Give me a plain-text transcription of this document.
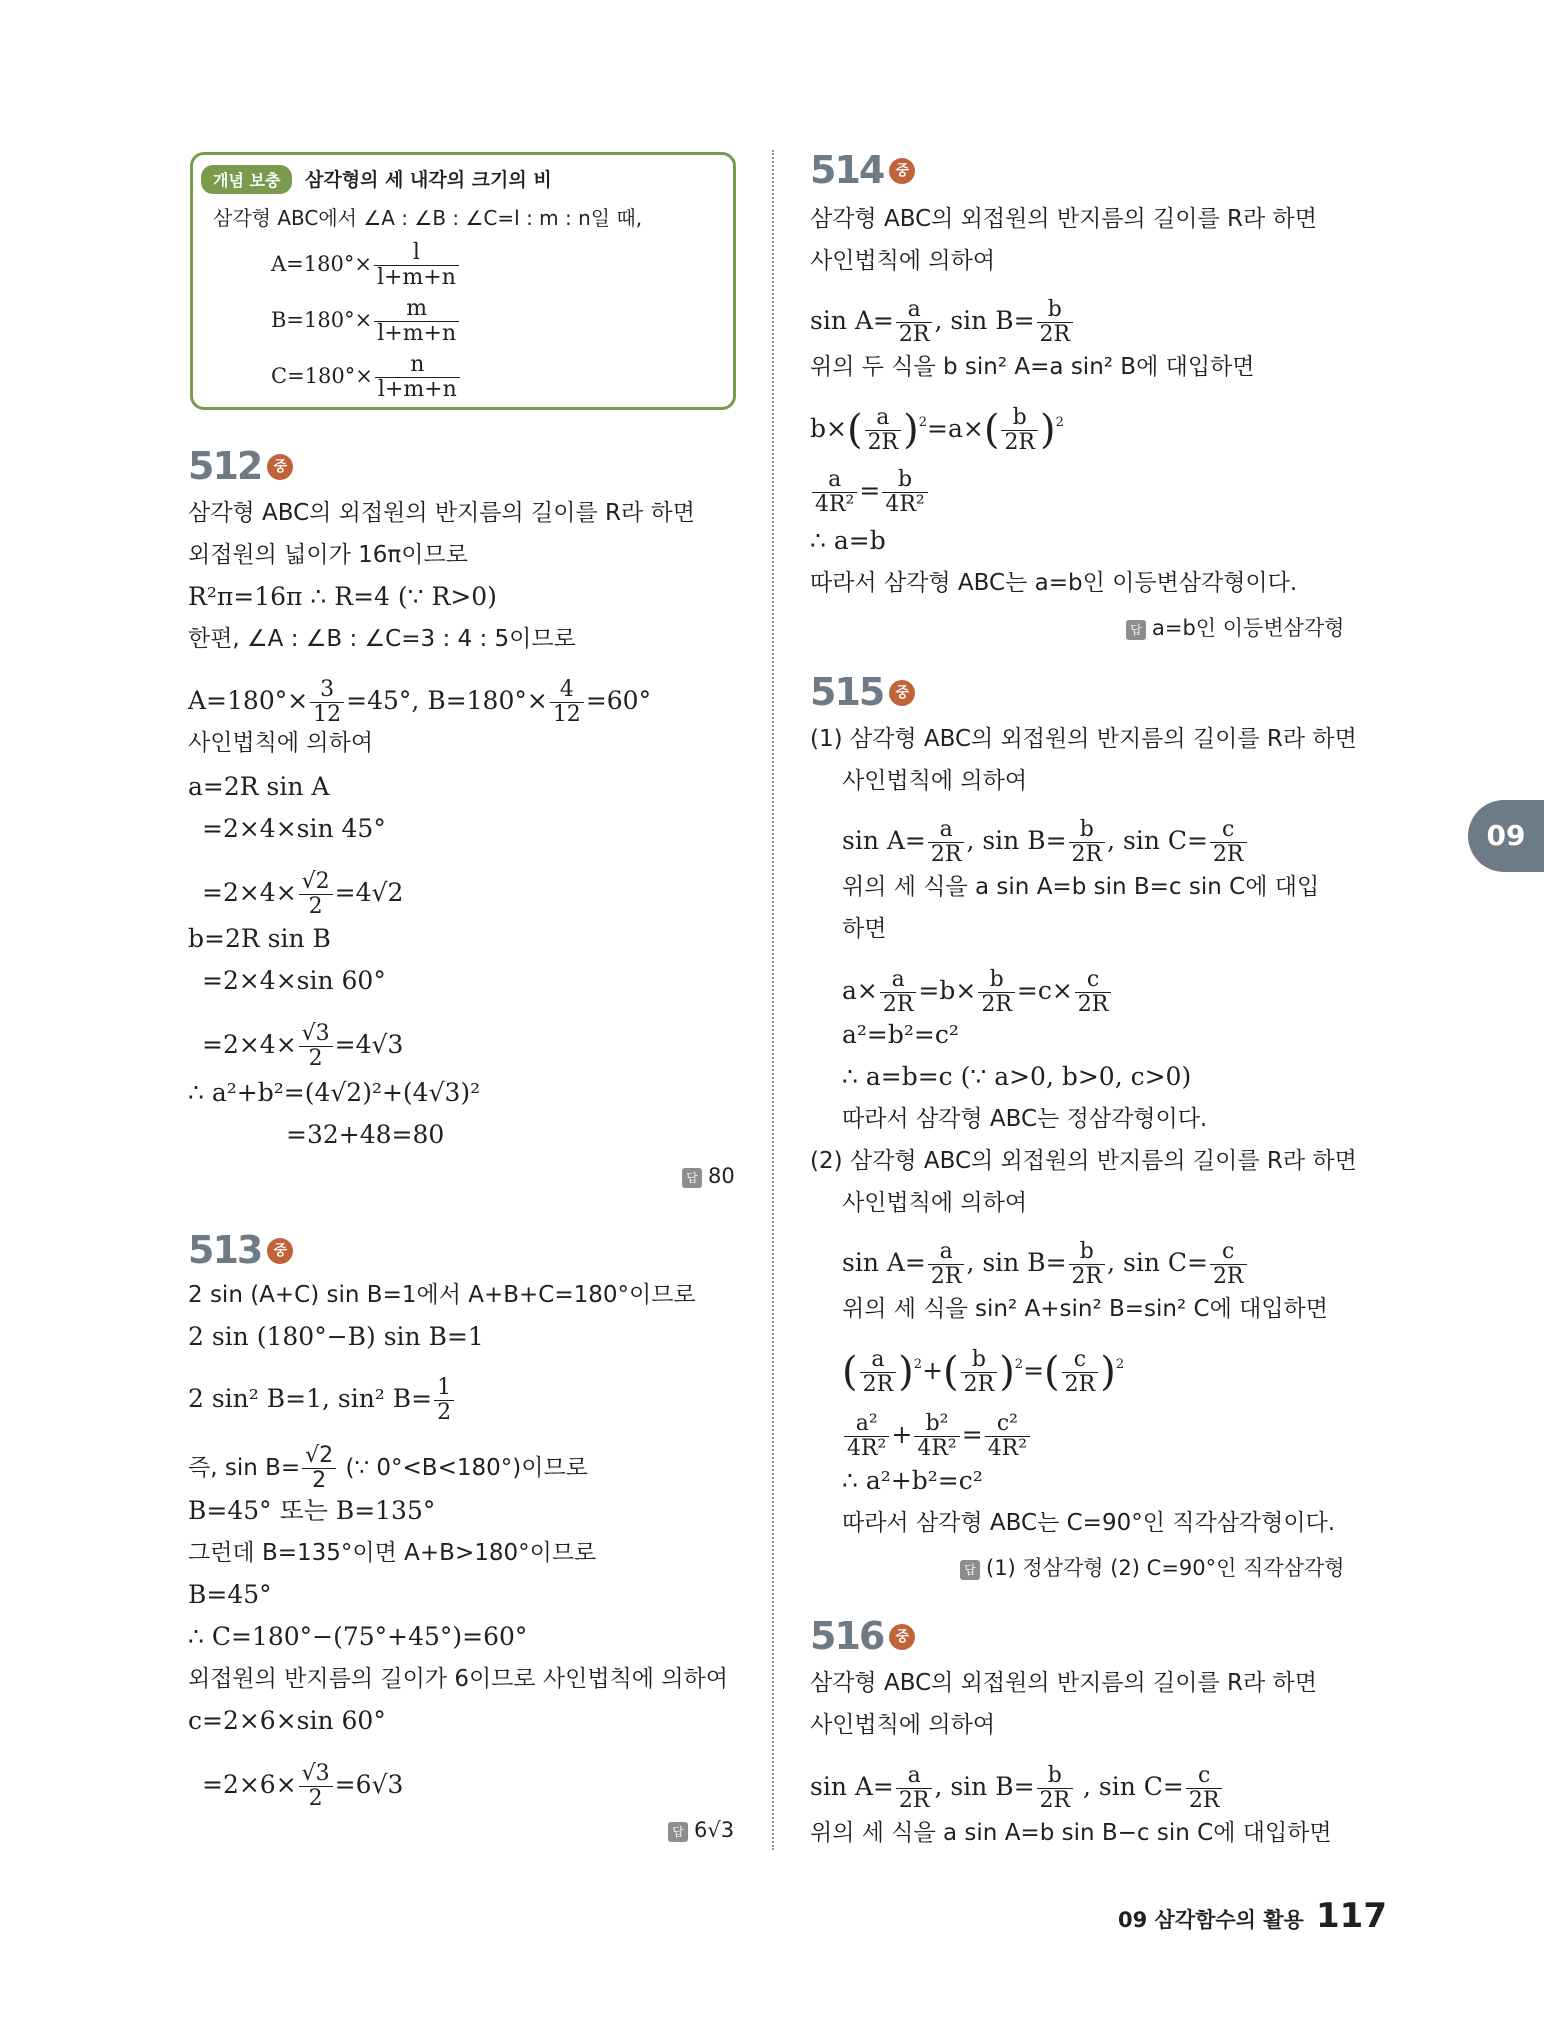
개념 보충	삼각형의 세 내각의 크기의 비
삼각형 ABC에서 ∠A : ∠B : ∠C=l : m : n일 때,
$A=180^\circ\times \frac{l}{l+m+n}$
$B=180^\circ\times \frac{m}{l+m+n}$
$C=180^\circ\times \frac{n}{l+m+n}$
512 중
삼각형 ABC의 외접원의 반지름의 길이를 R라 하면
외접원의 넓이가 16π이므로
R²π=16π ∴ R=4 (∵ R>0)
한편, ∠A : ∠B : ∠C=3 : 4 : 5이므로
$A=180^\circ\times \frac{3}{12} =45^\circ$, $B=180^\circ\times \frac{4}{12} =60^\circ$
사인법칙에 의하여
a=2R sin A
=2×4×sin 45°
$=2\times 4\times \frac{√2}{2} =4√2$
b=2R sin B
=2×4×sin 60°
$=2\times 4\times \frac{√3}{2} =4√3$
∴ a²+b²=(4√2)²+(4√3)²
=32+48=80
답 80
513 중
2 sin (A+C) sin B=1에서 A+B+C=180°이므로
2 sin (180°−B) sin B=1
2 sin² B=1, sin² $B= \frac{1}{2}$
즉, $\sin B= \frac{√2}{2}$ (∵ 0°<B<180°)이므로
B=45° 또는 B=135°
그런데 B=135°이면 A+B>180°이므로
B=45°
∴ C=180°−(75°+45°)=60°
외접원의 반지름의 길이가 6이므로 사인법칙에 의하여
c=2×6×sin 60°
$=2\times 6\times \frac{√3}{2} =6√3$
답 6√3
514 중
삼각형 ABC의 외접원의 반지름의 길이를 R라 하면
사인법칙에 의하여
$\sin A= \frac{a}{2R}$ , $\sin B= \frac{b}{2R}$
위의 두 식을 b sin² A=a sin² B에 대입하면
$b\times( \frac{a}{2R} )^2=a\times( \frac{b}{2R} )^2$
$\frac{a}{\text{4R²}} = \frac{b}{\text{4R²}}$
∴ a=b
따라서 삼각형 ABC는 a=b인 이등변삼각형이다.
답 a=b인 이등변삼각형
515 중
(1) 삼각형 ABC의 외접원의 반지름의 길이를 R라 하면
사인법칙에 의하여
$\sin A= \frac{a}{2R}$ , $\sin B= \frac{b}{2R}$ , $\sin C= \frac{c}{2R}$
위의 세 식을 a sin A=b sin B=c sin C에 대입
하면
$a\times \frac{a}{2R} =b\times \frac{b}{2R} =c\times \frac{c}{2R}$
a²=b²=c²
∴ a=b=c (∵ a>0, b>0, c>0)
따라서 삼각형 ABC는 정삼각형이다.
(2) 삼각형 ABC의 외접원의 반지름의 길이를 R라 하면
사인법칙에 의하여
$\sin A= \frac{a}{2R}$ , $\sin B= \frac{b}{2R}$ , $\sin C= \frac{c}{2R}$
위의 세 식을 sin² A+sin² B=sin² C에 대입하면
( $\frac{a}{2R} )^2+( \frac{b}{2R} )^2=( \frac{c}{2R} )^2$
$\frac{\text{a²}}{\text{4R²}} + \frac{\text{b²}}{\text{4R²}} = \frac{\text{c²}}{\text{4R²}}$
∴ a²+b²=c²
따라서 삼각형 ABC는 C=90°인 직각삼각형이다.
답 (1) 정삼각형 (2) C=90°인 직각삼각형
516 중
삼각형 ABC의 외접원의 반지름의 길이를 R라 하면
사인법칙에 의하여
$\sin A= \frac{a}{2R}$ , $\sin B= \frac{b}{2R}$ , $\sin C= \frac{c}{2R}$
위의 세 식을 a sin A=b sin B−c sin C에 대입하면
09
09 삼각함수의 활용 117
